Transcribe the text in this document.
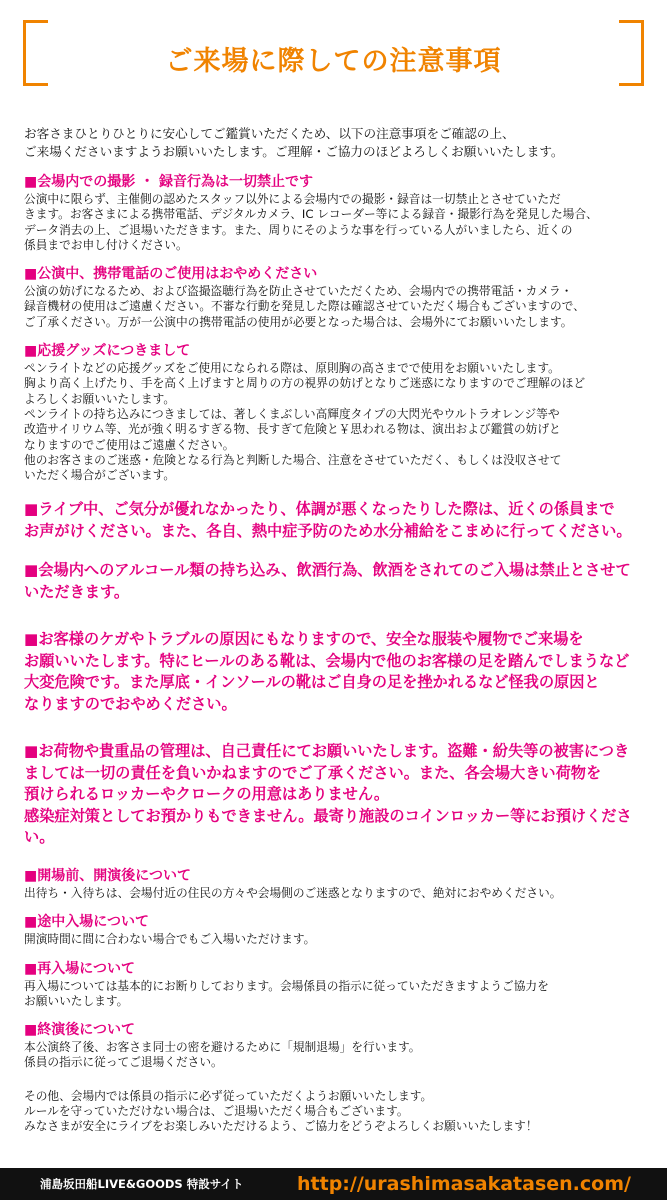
ご来場に際しての注意事項

お客さまひとりひとりに安心してご鑑賞いただくため、以下の注意事項をご確認の上、
ご来場くださいますようお願いいたします。ご理解・ご協力のほどよろしくお願いいたします。

■会場内での撮影 ・ 録音行為は一切禁止です

公演中に限らず、主催側の認めたスタッフ以外による会場内での撮影・録音は一切禁止とさせていただ
きます。お客さまによる携帯電話、デジタルカメラ、IC レコーダー等による録音・撮影行為を発見した場合、
データ消去の上、ご退場いただきます。また、周りにそのような事を行っている人がいましたら、近くの
係員までお申し付けください。

■公演中、携帯電話のご使用はおやめください

公演の妨げになるため、および盗撮盗聴行為を防止させていただくため、会場内での携帯電話・カメラ・
録音機材の使用はご遠慮ください。不審な行動を発見した際は確認させていただく場合もございますので、
ご了承ください。万が一公演中の携帯電話の使用が必要となった場合は、会場外にてお願いいたします。

■応援グッズにつきまして

ペンライトなどの応援グッズをご使用になられる際は、原則胸の高さまでで使用をお願いいたします。
胸より高く上げたり、手を高く上げますと周りの方の視界の妨げとなりご迷惑になりますのでご理解のほど
よろしくお願いいたします。
ペンライトの持ち込みにつきましては、著しくまぶしい高輝度タイプの大閃光やウルトラオレンジ等や
改造サイリウム等、光が強く明るすぎる物、長すぎて危険と￥思われる物は、演出および鑑賞の妨げと
なりますのでご使用はご遠慮ください。
他のお客さまのご迷惑・危険となる行為と判断した場合、注意をさせていただく、もしくは没収させて
いただく場合がございます。

■ライブ中、ご気分が優れなかったり、体調が悪くなったりした際は、近くの係員まで
お声がけください。また、各自、熱中症予防のため水分補給をこまめに行ってください。

■会場内へのアルコール類の持ち込み、飲酒行為、飲酒をされてのご入場は禁止とさせて
いただきます。

■お客様のケガやトラブルの原因にもなりますので、安全な服装や履物でご来場を
お願いいたします。特にヒールのある靴は、会場内で他のお客様の足を踏んでしまうなど
大変危険です。また厚底・インソールの靴はご自身の足を挫かれるなど怪我の原因と
なりますのでおやめください。

■お荷物や貴重品の管理は、自己責任にてお願いいたします。盗難・紛失等の被害につき
ましては一切の責任を負いかねますのでご了承ください。また、各会場大きい荷物を
預けられるロッカーやクロークの用意はありません。
感染症対策としてお預かりもできません。最寄り施設のコインロッカー等にお預けください。

■開場前、開演後について

出待ち・入待ちは、会場付近の住民の方々や会場側のご迷惑となりますので、絶対におやめください。

■途中入場について

開演時間に間に合わない場合でもご入場いただけます。

■再入場について

再入場については基本的にお断りしております。会場係員の指示に従っていただきますようご協力を
お願いいたします。

■終演後について

本公演終了後、お客さま同士の密を避けるために「規制退場」を行います。
係員の指示に従ってご退場ください。

その他、会場内では係員の指示に必ず従っていただくようお願いいたします。
ルールを守っていただけない場合は、ご退場いただく場合もございます。
みなさまが安全にライブをお楽しみいただけるよう、ご協力をどうぞよろしくお願いいたします！

浦島坂田船LIVE&GOODS 特設サイト	http://urashimasakatasen.com/
